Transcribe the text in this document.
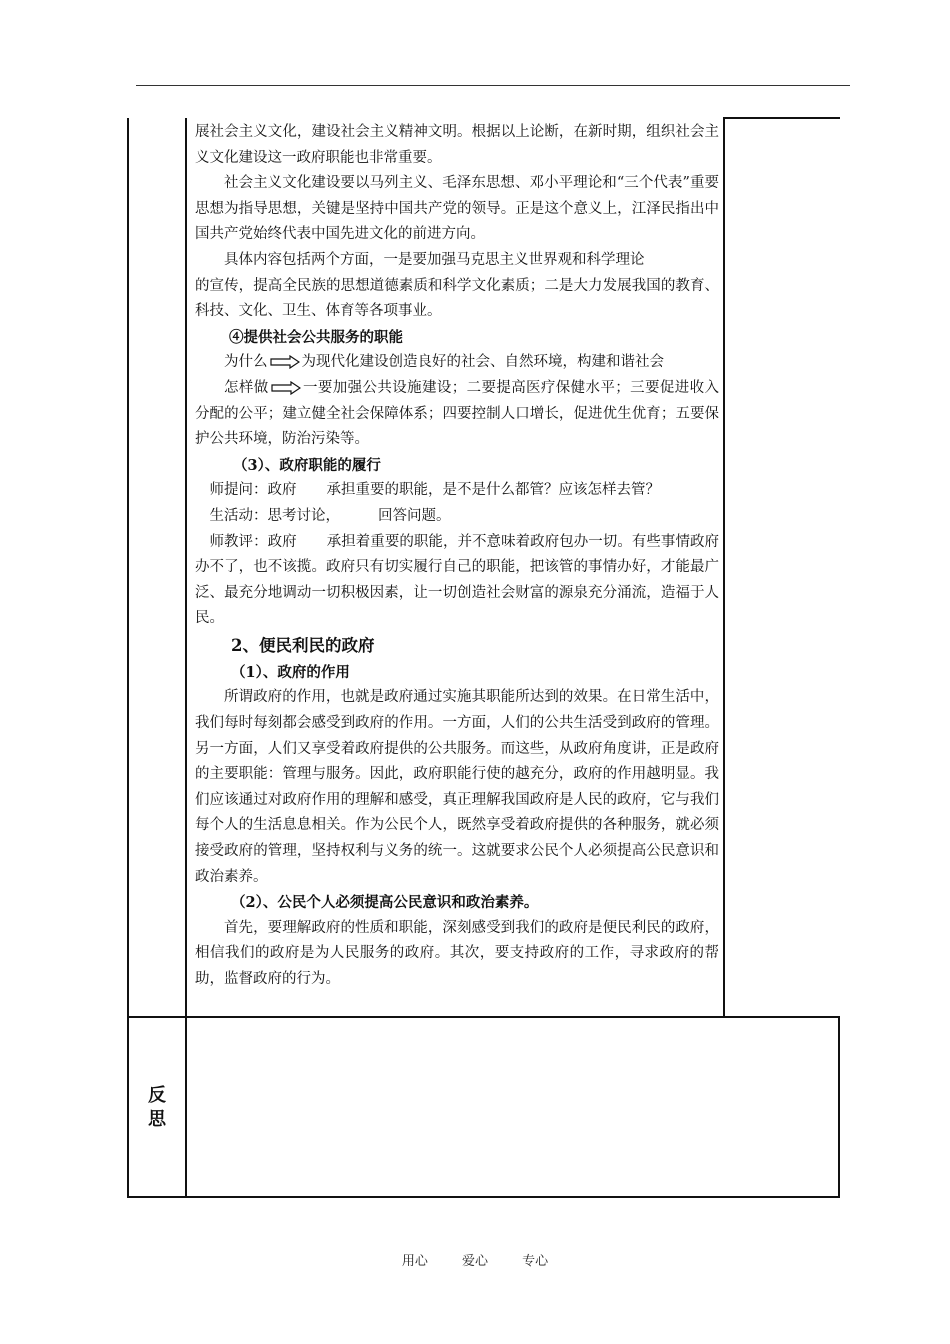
展社会主义文化，建设社会主义精神文明。根据以上论断，在新时期，组织社会主义文化建设这一政府职能也非常重要。

社会主义文化建设要以马列主义、毛泽东思想、邓小平理论和“三个代表”重要思想为指导思想，关键是坚持中国共产党的领导。正是这个意义上，江泽民指出中国共产党始终代表中国先进文化的前进方向。

具体内容包括两个方面，一是要加强马克思主义世界观和科学理论

的宣传，提高全民族的思想道德素质和科学文化素质；二是大力发展我国的教育、科技、文化、卫生、体育等各项事业。

④提供社会公共服务的职能

为什么 为现代化建设创造良好的社会、自然环境，构建和谐社会

怎样做 一要加强公共设施建设；二要提高医疗保健水平；三要促进收入分配的公平；建立健全社会保障体系；四要控制人口增长，促进优生优育；五要保护公共环境，防治污染等。

（3）、政府职能的履行

师提问：政府 承担重要的职能，是不是什么都管？应该怎样去管？

生活动：思考讨论，	回答问题。

师教评：政府 承担着重要的职能，并不意味着政府包办一切。有些事情政府办不了，也不该揽。政府只有切实履行自己的职能，把该管的事情办好，才能最广泛、最充分地调动一切积极因素，让一切创造社会财富的源泉充分涌流，造福于人民。

2、便民利民的政府

（1）、政府的作用

所谓政府的作用，也就是政府通过实施其职能所达到的效果。在日常生活中，我们每时每刻都会感受到政府的作用。一方面，人们的公共生活受到政府的管理。另一方面，人们又享受着政府提供的公共服务。而这些，从政府角度讲，正是政府的主要职能：管理与服务。因此，政府职能行使的越充分，政府的作用越明显。我们应该通过对政府作用的理解和感受，真正理解我国政府是人民的政府，它与我们每个人的生活息息相关。作为公民个人，既然享受着政府提供的各种服务，就必须接受政府的管理，坚持权利与义务的统一。这就要求公民个人必须提高公民意识和政治素养。

（2）、公民个人必须提高公民意识和政治素养。

首先，要理解政府的性质和职能，深刻感受到我们的政府是便民利民的政府，相信我们的政府是为人民服务的政府。其次，要支持政府的工作，寻求政府的帮助，监督政府的行为。

反
思
用心	爱心	专心
